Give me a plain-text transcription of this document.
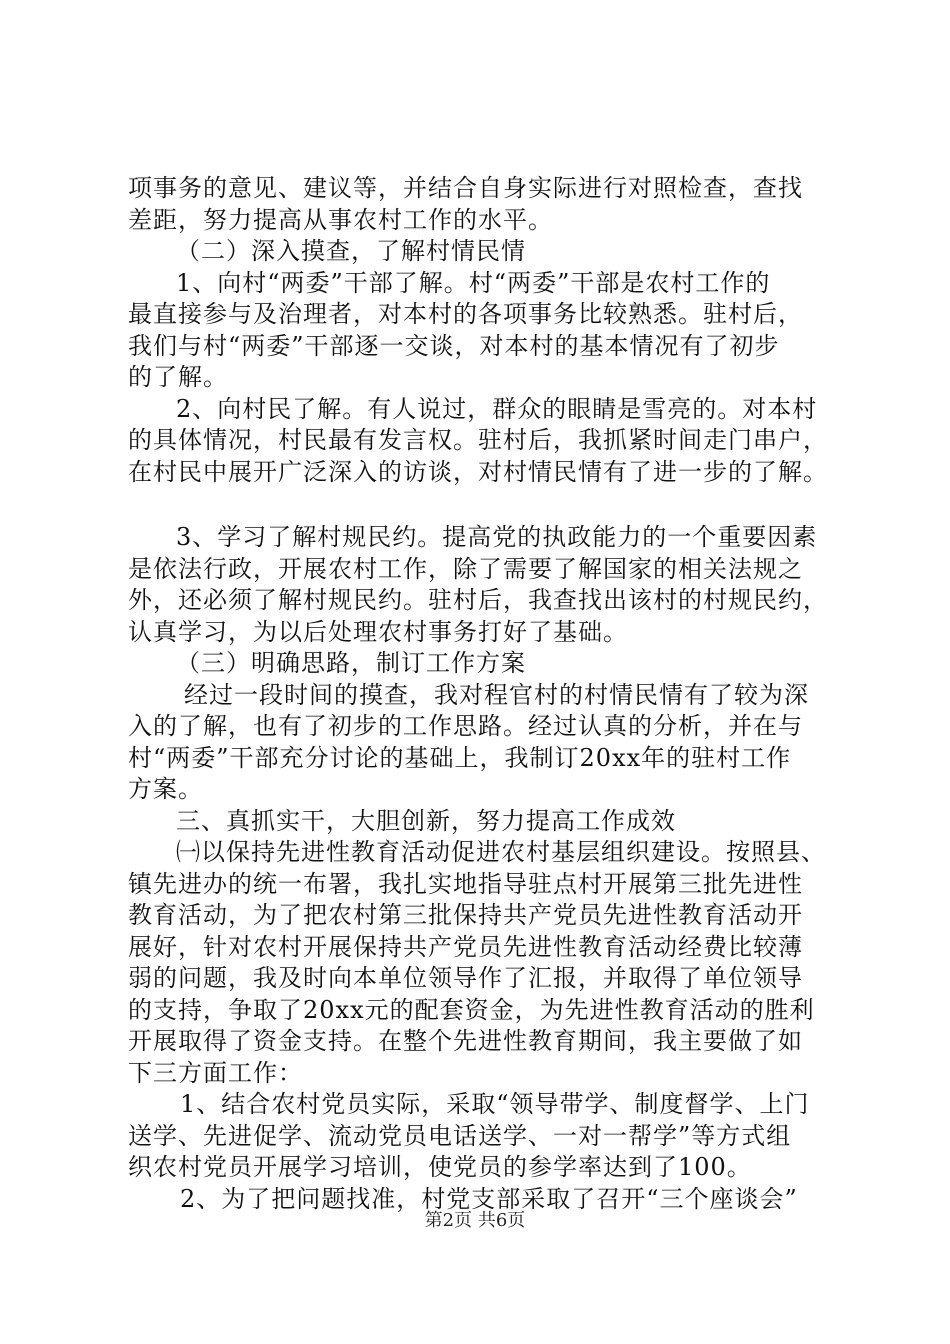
项事务的意见、建议等，并结合自身实际进行对照检查，查找
差距，努力提高从事农村工作的水平。
（二）深入摸查，了解村情民情
1、向村“两委”干部了解。村“两委”干部是农村工作的
最直接参与及治理者，对本村的各项事务比较熟悉。驻村后，
我们与村“两委”干部逐一交谈，对本村的基本情况有了初步
的了解。
2、向村民了解。有人说过，群众的眼睛是雪亮的。对本村
的具体情况，村民最有发言权。驻村后，我抓紧时间走门串户，
在村民中展开广泛深入的访谈，对村情民情有了进一步的了解。
3、学习了解村规民约。提高党的执政能力的一个重要因素
是依法行政，开展农村工作，除了需要了解国家的相关法规之
外，还必须了解村规民约。驻村后，我查找出该村的村规民约，
认真学习，为以后处理农村事务打好了基础。
（三）明确思路，制订工作方案
经过一段时间的摸查，我对程官村的村情民情有了较为深
入的了解，也有了初步的工作思路。经过认真的分析，并在与
村“两委”干部充分讨论的基础上，我制订20xx年的驻村工作
方案。
三、真抓实干，大胆创新，努力提高工作成效
㈠以保持先进性教育活动促进农村基层组织建设。按照县、
镇先进办的统一布署，我扎实地指导驻点村开展第三批先进性
教育活动，为了把农村第三批保持共产党员先进性教育活动开
展好，针对农村开展保持共产党员先进性教育活动经费比较薄
弱的问题，我及时向本单位领导作了汇报，并取得了单位领导
的支持，争取了20xx元的配套资金，为先进性教育活动的胜利
开展取得了资金支持。在整个先进性教育期间，我主要做了如
下三方面工作：
1、结合农村党员实际，采取“领导带学、制度督学、上门
送学、先进促学、流动党员电话送学、一对一帮学”等方式组
织农村党员开展学习培训，使党员的参学率达到了100。
2、为了把问题找准，村党支部采取了召开“三个座谈会”
第2页 共6页
